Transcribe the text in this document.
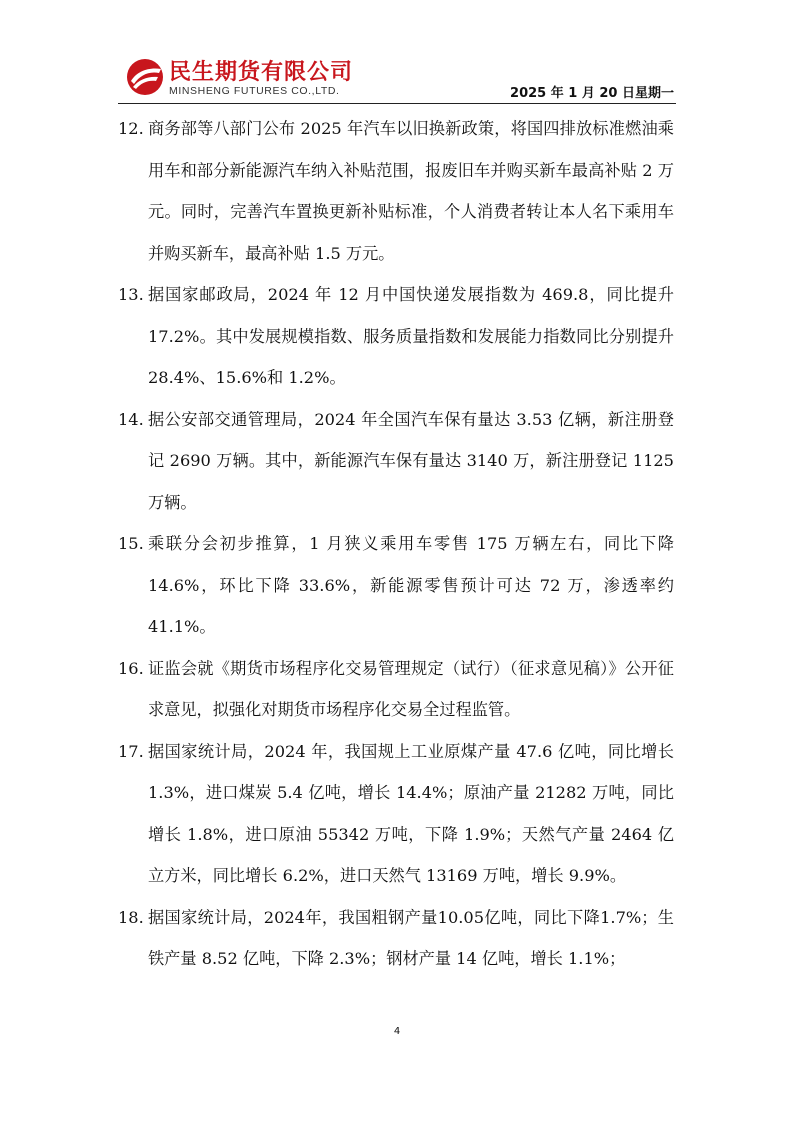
民生期货有限公司
MINSHENG FUTURES CO.,LTD.	2025 年 1 月 20 日星期一
12. 商务部等八部门公布 2025 年汽车以旧换新政策，将国四排放标准燃油乘用车和部分新能源汽车纳入补贴范围，报废旧车并购买新车最高补贴 2 万元。同时，完善汽车置换更新补贴标准，个人消费者转让本人名下乘用车并购买新车，最高补贴 1.5 万元。
13. 据国家邮政局，2024 年 12 月中国快递发展指数为 469.8，同比提升 17.2%。其中发展规模指数、服务质量指数和发展能力指数同比分别提升 28.4%、15.6%和 1.2%。
14. 据公安部交通管理局，2024 年全国汽车保有量达 3.53 亿辆，新注册登记 2690 万辆。其中，新能源汽车保有量达 3140 万，新注册登记 1125 万辆。
15. 乘联分会初步推算，1 月狭义乘用车零售 175 万辆左右，同比下降 14.6%，环比下降 33.6%，新能源零售预计可达 72 万，渗透率约 41.1%。
16. 证监会就《期货市场程序化交易管理规定（试行）（征求意见稿）》公开征求意见，拟强化对期货市场程序化交易全过程监管。
17. 据国家统计局，2024 年，我国规上工业原煤产量 47.6 亿吨，同比增长 1.3%，进口煤炭 5.4 亿吨，增长 14.4%；原油产量 21282 万吨，同比增长 1.8%，进口原油 55342 万吨，下降 1.9%；天然气产量 2464 亿立方米，同比增长 6.2%，进口天然气 13169 万吨，增长 9.9%。
18. 据国家统计局，2024年，我国粗钢产量10.05亿吨，同比下降1.7%；生铁产量 8.52 亿吨，下降 2.3%；钢材产量 14 亿吨，增长 1.1%；
4
